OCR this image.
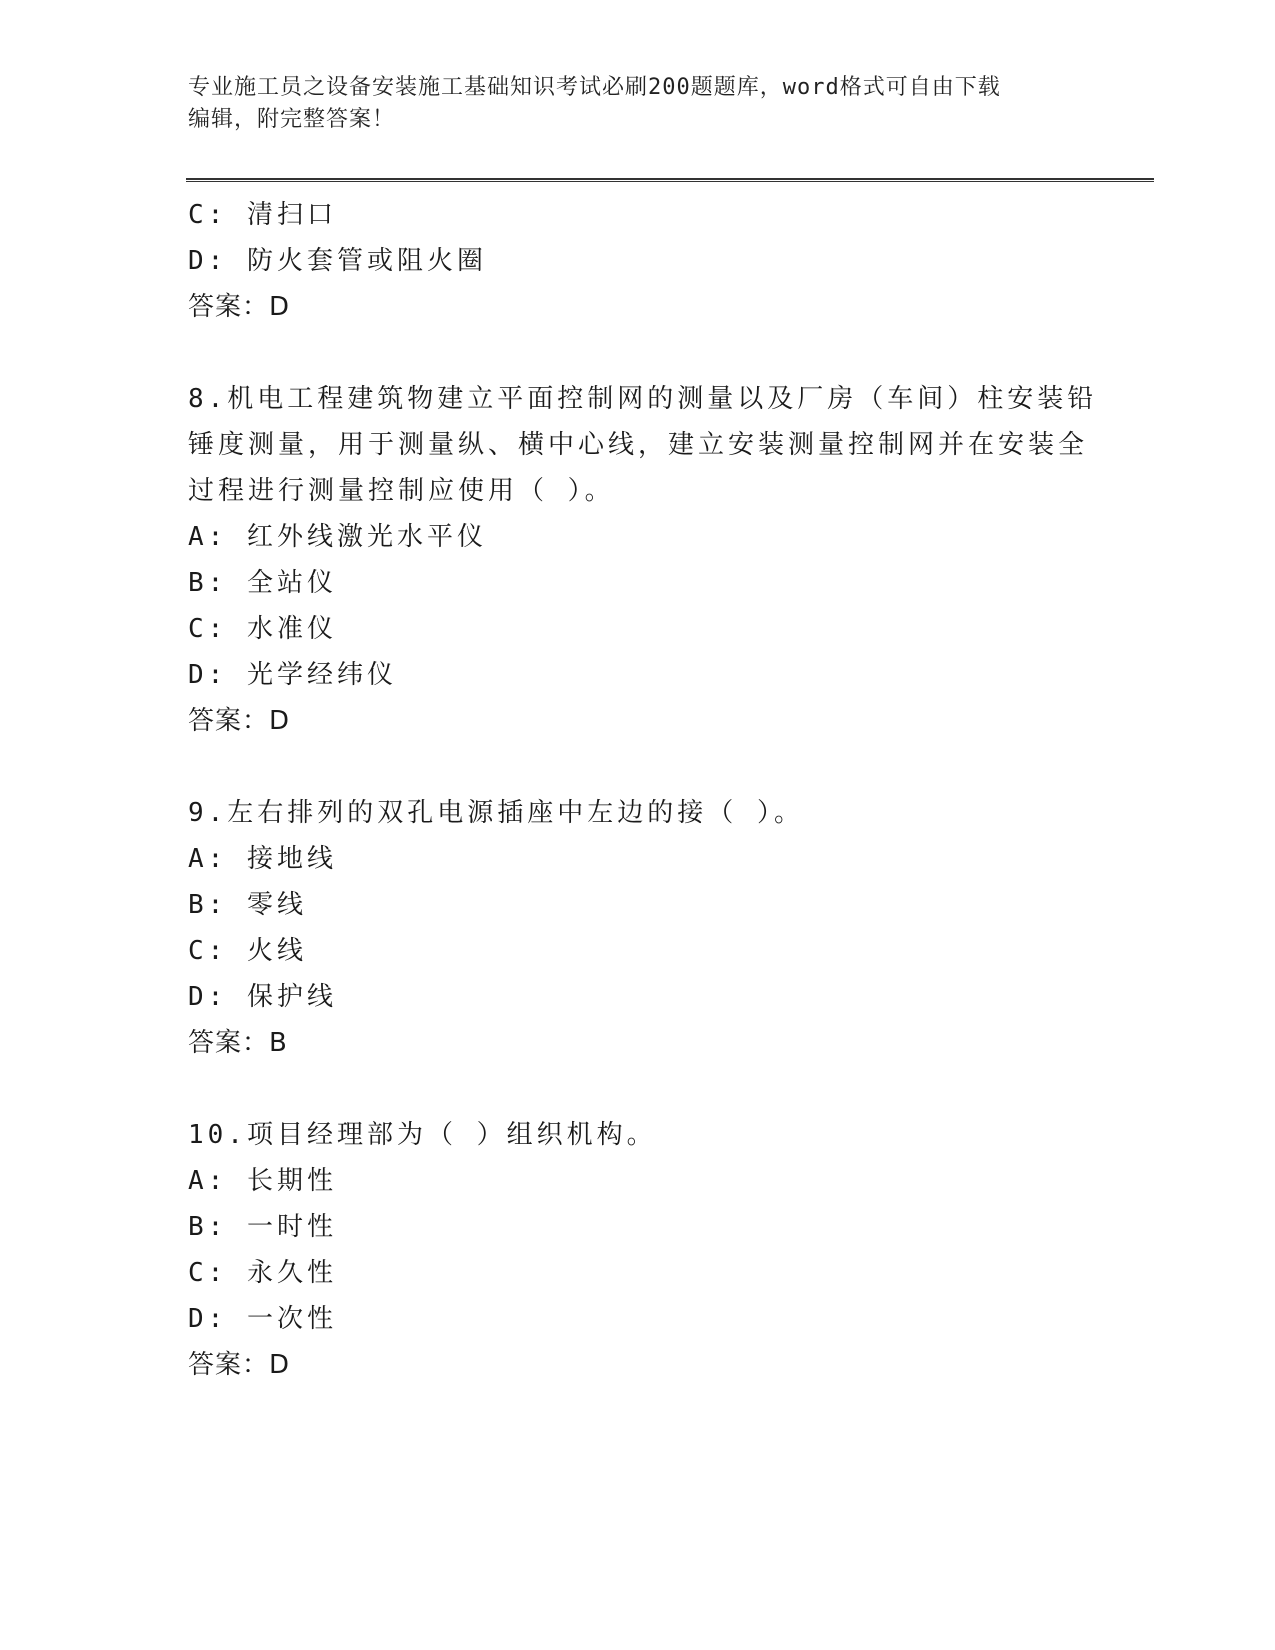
专业施工员之设备安装施工基础知识考试必刷200题题库，word格式可自由下载
编辑，附完整答案！
C: 清扫口
D: 防火套管或阻火圈
答案：D
8.机电工程建筑物建立平面控制网的测量以及厂房（车间）柱安装铅
锤度测量，用于测量纵、横中心线，建立安装测量控制网并在安装全
过程进行测量控制应使用（ ）。
A: 红外线激光水平仪
B: 全站仪
C: 水准仪
D: 光学经纬仪
答案：D
9.左右排列的双孔电源插座中左边的接（ ）。
A: 接地线
B: 零线
C: 火线
D: 保护线
答案：B
10.项目经理部为（ ）组织机构。
A: 长期性
B: 一时性
C: 永久性
D: 一次性
答案：D
